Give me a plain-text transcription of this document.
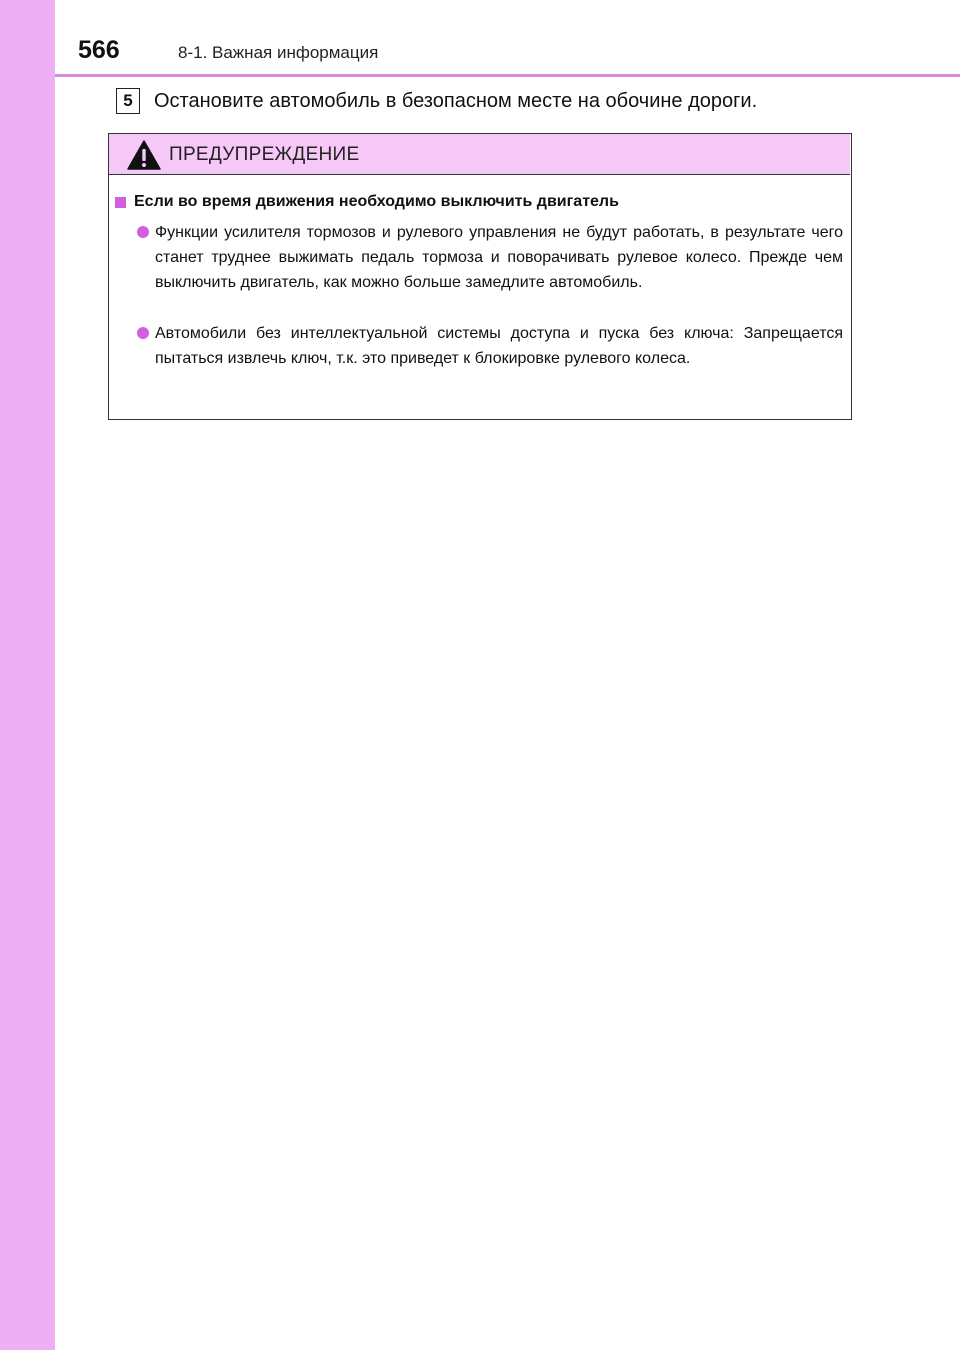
566	8-1. Важная информация
5	Остановите автомобиль в безопасном месте на обочине дороги.
ПРЕДУПРЕЖДЕНИЕ
Если во время движения необходимо выключить двигатель
Функции усилителя тормозов и рулевого управления не будут работать, в результате чего станет труднее выжимать педаль тормоза и поворачивать рулевое колесо. Прежде чем выключить двигатель, как можно больше замедлите автомобиль.
Автомобили без интеллектуальной системы доступа и пуска без ключа: Запрещается пытаться извлечь ключ, т.к. это приведет к блокировке рулевого колеса.
